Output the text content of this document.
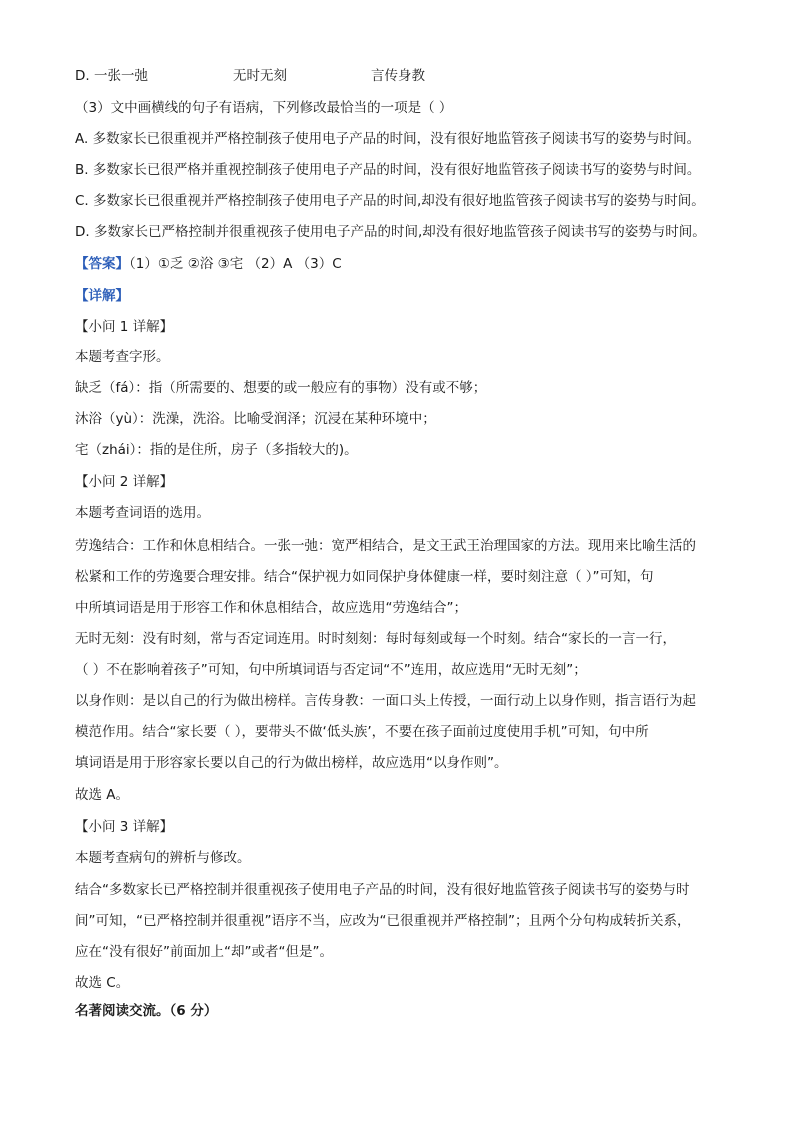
D. 一张一弛	无时无刻	言传身教
（3）文中画横线的句子有语病，下列修改最恰当的一项是（ ）
A. 多数家长已很重视并严格控制孩子使用电子产品的时间，没有很好地监管孩子阅读书写的姿势与时间。
B. 多数家长已很严格并重视控制孩子使用电子产品的时间，没有很好地监管孩子阅读书写的姿势与时间。
C. 多数家长已很重视并严格控制孩子使用电子产品的时间,却没有很好地监管孩子阅读书写的姿势与时间。
D. 多数家长已严格控制并很重视孩子使用电子产品的时间,却没有很好地监管孩子阅读书写的姿势与时间。
【答案】（1）①乏 ②浴 ③宅 （2）A （3）C
【详解】
【小问 1 详解】
本题考查字形。
缺乏（fá）：指（所需要的、想要的或一般应有的事物）没有或不够；
沐浴（yù）：洗澡，洗浴。比喻受润泽；沉浸在某种环境中；
宅（zhái）：指的是住所，房子（多指较大的)。
【小问 2 详解】
本题考查词语的选用。
劳逸结合：工作和休息相结合。一张一弛：宽严相结合，是文王武王治理国家的方法。现用来比喻生活的
松紧和工作的劳逸要合理安排。结合“保护视力如同保护身体健康一样，要时刻注意（ ）”可知，句
中所填词语是用于形容工作和休息相结合，故应选用“劳逸结合”；
无时无刻：没有时刻，常与否定词连用。时时刻刻：每时每刻或每一个时刻。结合“家长的一言一行，
（ ）不在影响着孩子”可知，句中所填词语与否定词“不”连用，故应选用“无时无刻”；
以身作则：是以自己的行为做出榜样。言传身教：一面口头上传授，一面行动上以身作则，指言语行为起
模范作用。结合“家长要（ ），要带头不做‘低头族’，不要在孩子面前过度使用手机”可知，句中所
填词语是用于形容家长要以自己的行为做出榜样，故应选用“以身作则”。
故选 A。
【小问 3 详解】
本题考查病句的辨析与修改。
结合“多数家长已严格控制并很重视孩子使用电子产品的时间，没有很好地监管孩子阅读书写的姿势与时
间”可知，“已严格控制并很重视”语序不当，应改为“已很重视并严格控制”；且两个分句构成转折关系，
应在“没有很好”前面加上“却”或者“但是”。
故选 C。
名著阅读交流。（6 分）
